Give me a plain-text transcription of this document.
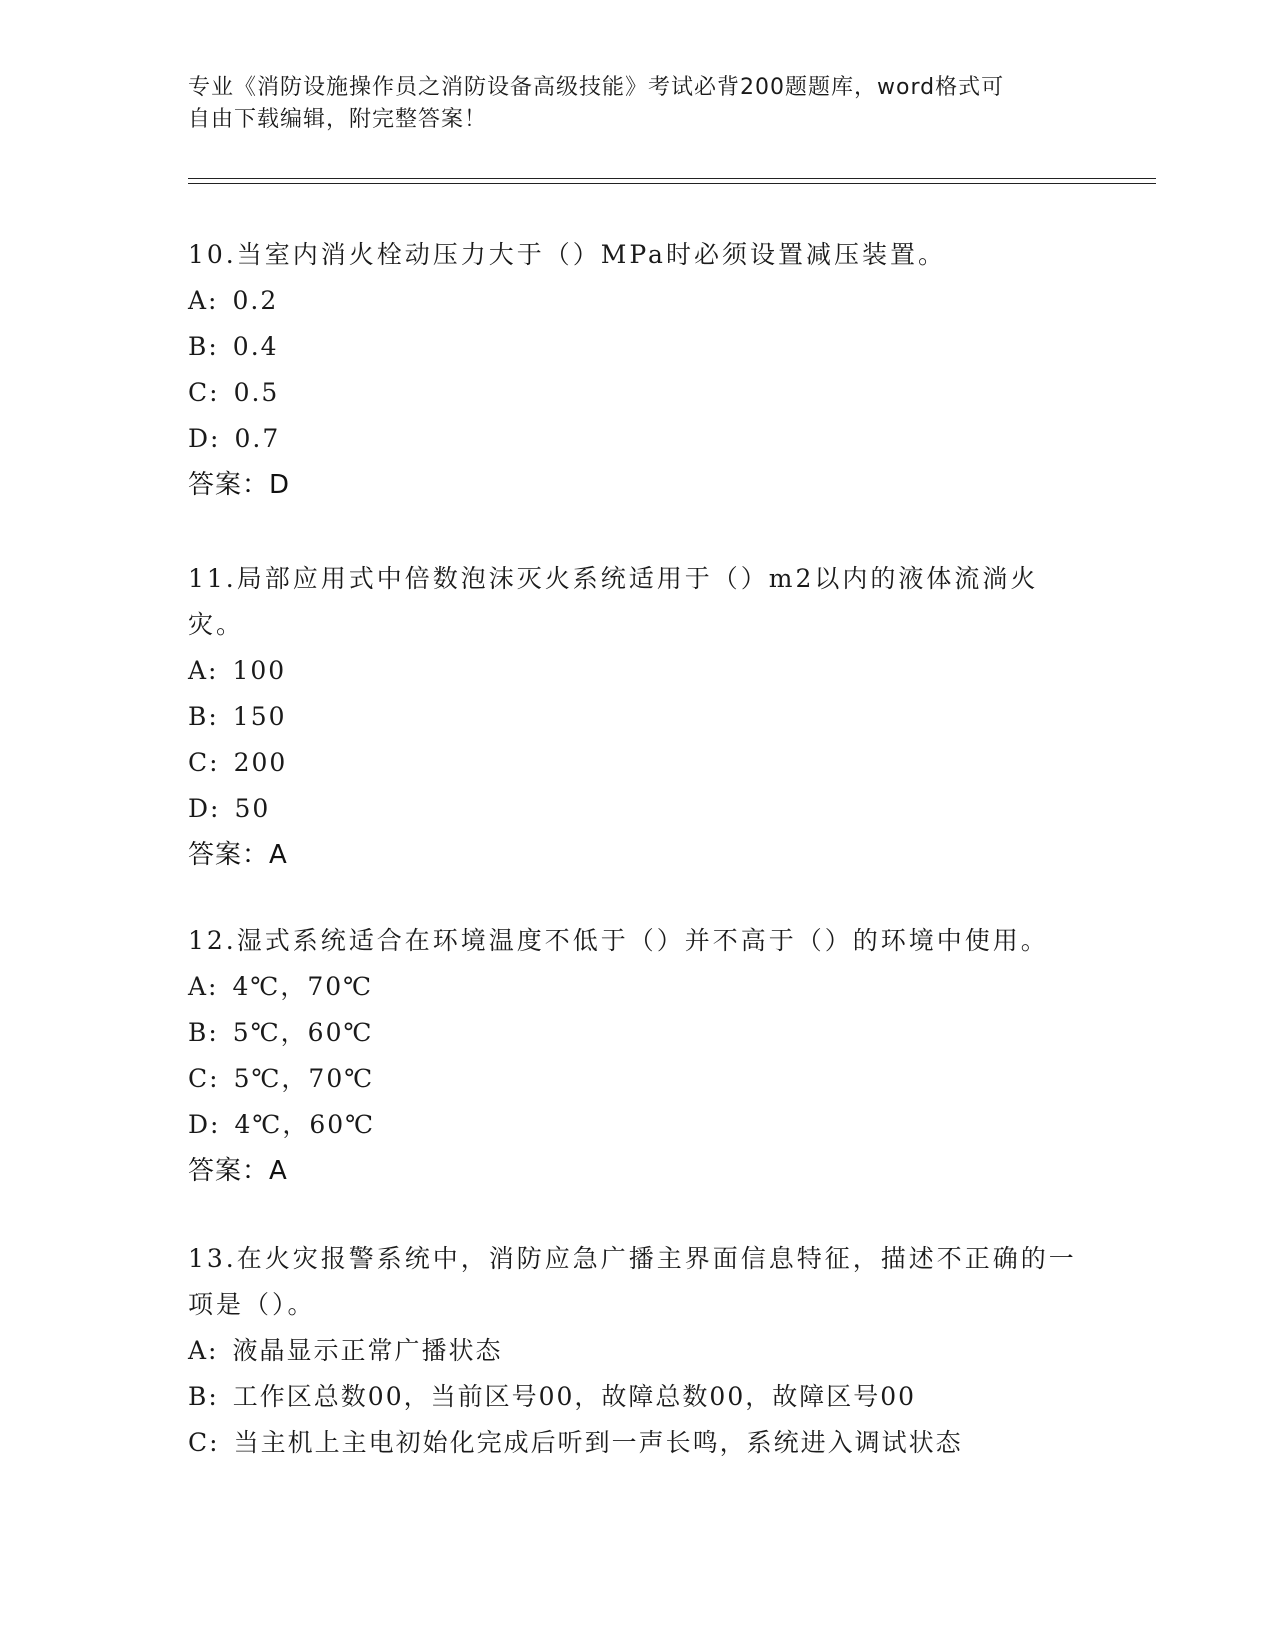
专业《消防设施操作员之消防设备高级技能》考试必背200题题库，word格式可
自由下载编辑，附完整答案！

10.当室内消火栓动压力大于（）MPa时必须设置减压装置。

A: 0.2

B: 0.4

C: 0.5

D: 0.7

答案：D

11.局部应用式中倍数泡沫灭火系统适用于（）m2以内的液体流淌火灾。

A: 100

B: 150

C: 200

D: 50

答案：A

12.湿式系统适合在环境温度不低于（）并不高于（）的环境中使用。

A: 4℃，70℃

B: 5℃，60℃

C: 5℃，70℃

D: 4℃，60℃

答案：A

13.在火灾报警系统中，消防应急广播主界面信息特征，描述不正确的一项是（）。

A: 液晶显示正常广播状态

B: 工作区总数00，当前区号00，故障总数00，故障区号00

C: 当主机上主电初始化完成后听到一声长鸣，系统进入调试状态
